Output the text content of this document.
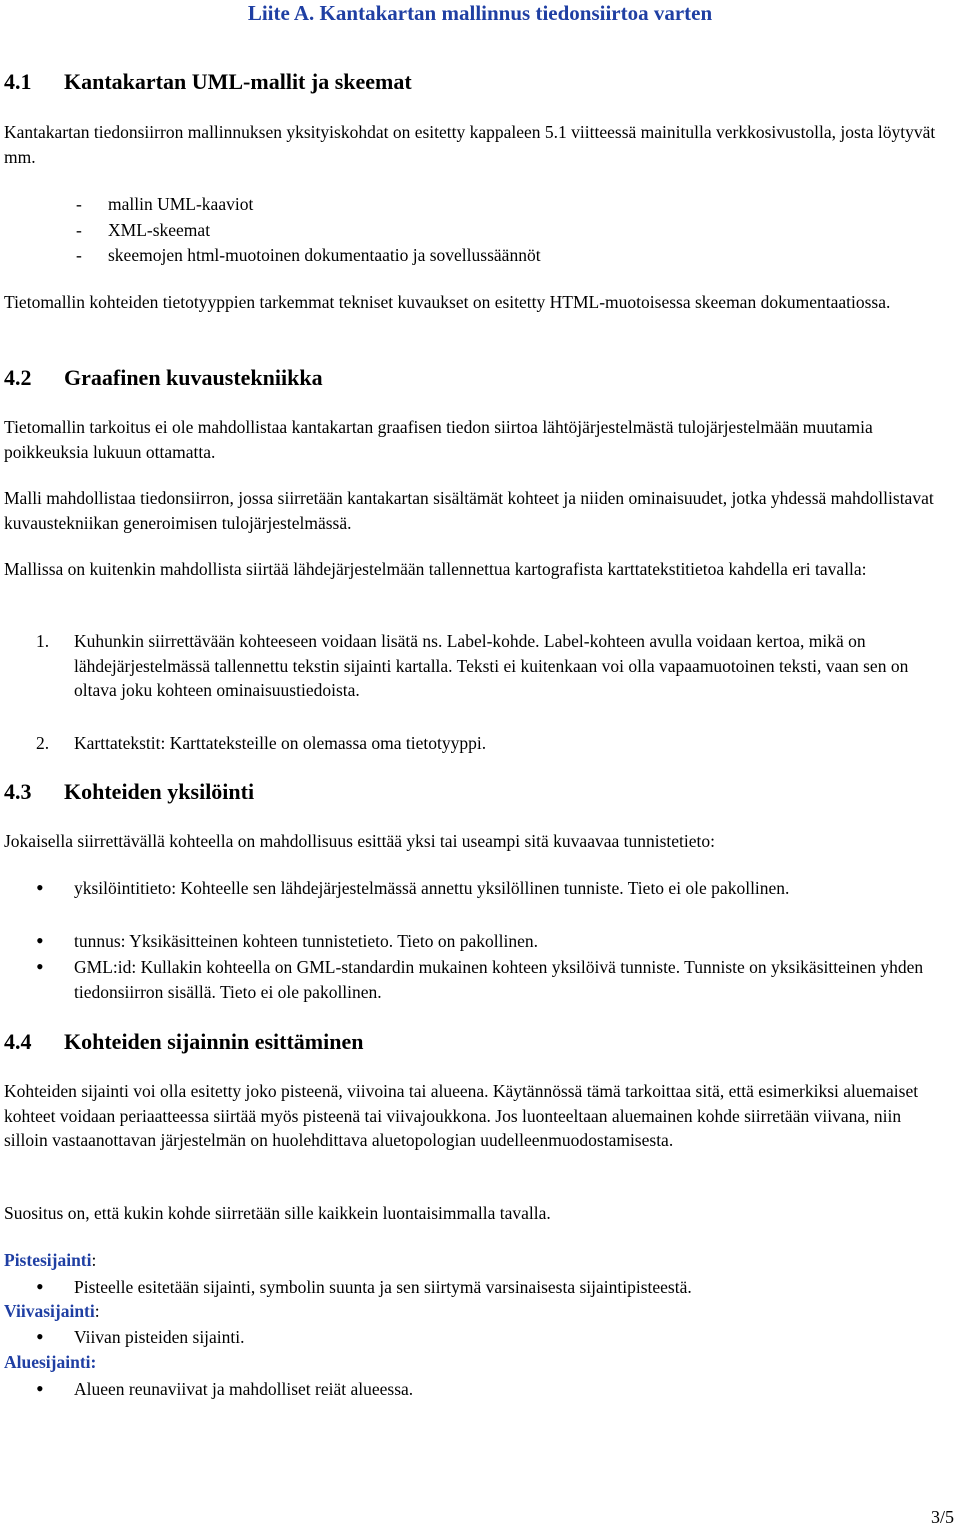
Liite A. Kantakartan mallinnus tiedonsiirtoa varten
4.1 Kantakartan UML-mallit ja skeemat

Kantakartan tiedonsiirron mallinnuksen yksityiskohdat on esitetty kappaleen 5.1 viitteessä mainitulla verkkosivustolla, josta löytyvät mm.

- mallin UML-kaaviot
- XML-skeemat
- skeemojen html-muotoinen dokumentaatio ja sovellussäännöt

Tietomallin kohteiden tietotyyppien tarkemmat tekniset kuvaukset on esitetty HTML-muotoisessa skeeman dokumentaatiossa.

4.2 Graafinen kuvaustekniikka

Tietomallin tarkoitus ei ole mahdollistaa kantakartan graafisen tiedon siirtoa lähtöjärjestelmästä tulojärjestelmään muutamia poikkeuksia lukuun ottamatta.

Malli mahdollistaa tiedonsiirron, jossa siirretään kantakartan sisältämät kohteet ja niiden ominaisuudet, jotka yhdessä mahdollistavat kuvaustekniikan generoimisen tulojärjestelmässä.

Mallissa on kuitenkin mahdollista siirtää lähdejärjestelmään tallennettua kartografista karttatekstitietoa kahdella eri tavalla:

1. Kuhunkin siirrettävään kohteeseen voidaan lisätä ns. Label-kohde. Label-kohteen avulla voidaan kertoa, mikä on lähdejärjestelmässä tallennettu tekstin sijainti kartalla. Teksti ei kuitenkaan voi olla vapaamuotoinen teksti, vaan sen on oltava joku kohteen ominaisuustiedoista.
2. Karttatekstit: Karttateksteille on olemassa oma tietotyyppi.
4.3 Kohteiden yksilöinti

Jokaisella siirrettävällä kohteella on mahdollisuus esittää yksi tai useampi sitä kuvaavaa tunnistetieto:

• yksilöintitieto: Kohteelle sen lähdejärjestelmässä annettu yksilöllinen tunniste. Tieto ei ole pakollinen.
• tunnus: Yksikäsitteinen kohteen tunnistetieto. Tieto on pakollinen.
• GML:id: Kullakin kohteella on GML-standardin mukainen kohteen yksilöivä tunniste. Tunniste on yksikäsitteinen yhden tiedonsiirron sisällä. Tieto ei ole pakollinen.
4.4 Kohteiden sijainnin esittäminen

Kohteiden sijainti voi olla esitetty joko pisteenä, viivoina tai alueena. Käytännössä tämä tarkoittaa sitä, että esimerkiksi aluemaiset kohteet voidaan periaatteessa siirtää myös pisteenä tai viivajoukkona. Jos luonteeltaan aluemainen kohde siirretään viivana, niin silloin vastaanottavan järjestelmän on huolehdittava aluetopologian uudelleenmuodostamisesta.

Suositus on, että kukin kohde siirretään sille kaikkein luontaisimmalla tavalla.

Pistesijainti:
• Pisteelle esitetään sijainti, symbolin suunta ja sen siirtymä varsinaisesta sijaintipisteestä.
Viivasijainti:
• Viivan pisteiden sijainti.
Aluesijainti:
• Alueen reunaviivat ja mahdolliset reiät alueessa.
3/5
